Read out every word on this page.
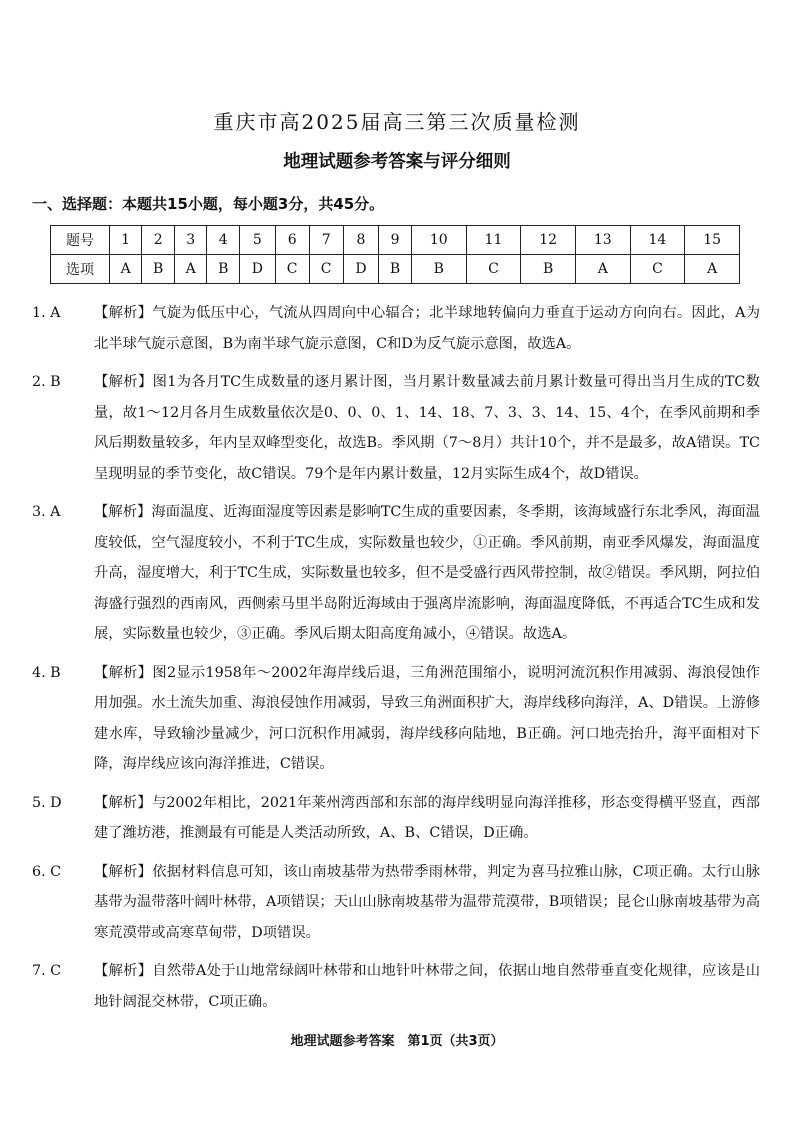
重庆市高2025届高三第三次质量检测
地理试题参考答案与评分细则
一、选择题：本题共15小题，每小题3分，共45分。
题号	1	2	3	4	5	6	7	8	9	10	11	12	13	14	15
选项	A	B	A	B	D	C	C	D	B	B	C	B	A	C	A
1. A 【解析】气旋为低压中心，气流从四周向中心辐合；北半球地转偏向力垂直于运动方向向右。因此，A为北半球气旋示意图，B为南半球气旋示意图，C和D为反气旋示意图，故选A。
2. B 【解析】图1为各月TC生成数量的逐月累计图，当月累计数量减去前月累计数量可得出当月生成的TC数量，故1～12月各月生成数量依次是0、0、0、1、14、18、7、3、3、14、15、4个，在季风前期和季风后期数量较多，年内呈双峰型变化，故选B。季风期（7～8月）共计10个，并不是最多，故A错误。TC呈现明显的季节变化，故C错误。79个是年内累计数量，12月实际生成4个，故D错误。
3. A 【解析】海面温度、近海面湿度等因素是影响TC生成的重要因素，冬季期，该海域盛行东北季风，海面温度较低，空气湿度较小，不利于TC生成，实际数量也较少，①正确。季风前期，南亚季风爆发，海面温度升高，湿度增大，利于TC生成，实际数量也较多，但不是受盛行西风带控制，故②错误。季风期，阿拉伯海盛行强烈的西南风，西侧索马里半岛附近海域由于强离岸流影响，海面温度降低，不再适合TC生成和发展，实际数量也较少，③正确。季风后期太阳高度角减小，④错误。故选A。
4. B 【解析】图2显示1958年～2002年海岸线后退，三角洲范围缩小，说明河流沉积作用减弱、海浪侵蚀作用加强。水土流失加重、海浪侵蚀作用减弱，导致三角洲面积扩大，海岸线移向海洋，A、D错误。上游修建水库，导致输沙量减少，河口沉积作用减弱，海岸线移向陆地，B正确。河口地壳抬升，海平面相对下降，海岸线应该向海洋推进，C错误。
5. D 【解析】与2002年相比，2021年莱州湾西部和东部的海岸线明显向海洋推移，形态变得横平竖直，西部建了潍坊港，推测最有可能是人类活动所致，A、B、C错误，D正确。
6. C 【解析】依据材料信息可知，该山南坡基带为热带季雨林带，判定为喜马拉雅山脉，C项正确。太行山脉基带为温带落叶阔叶林带，A项错误；天山山脉南坡基带为温带荒漠带，B项错误；昆仑山脉南坡基带为高寒荒漠带或高寒草甸带，D项错误。
7. C 【解析】自然带A处于山地常绿阔叶林带和山地针叶林带之间，依据山地自然带垂直变化规律，应该是山地针阔混交林带，C项正确。
地理试题参考答案　第1页（共3页）
